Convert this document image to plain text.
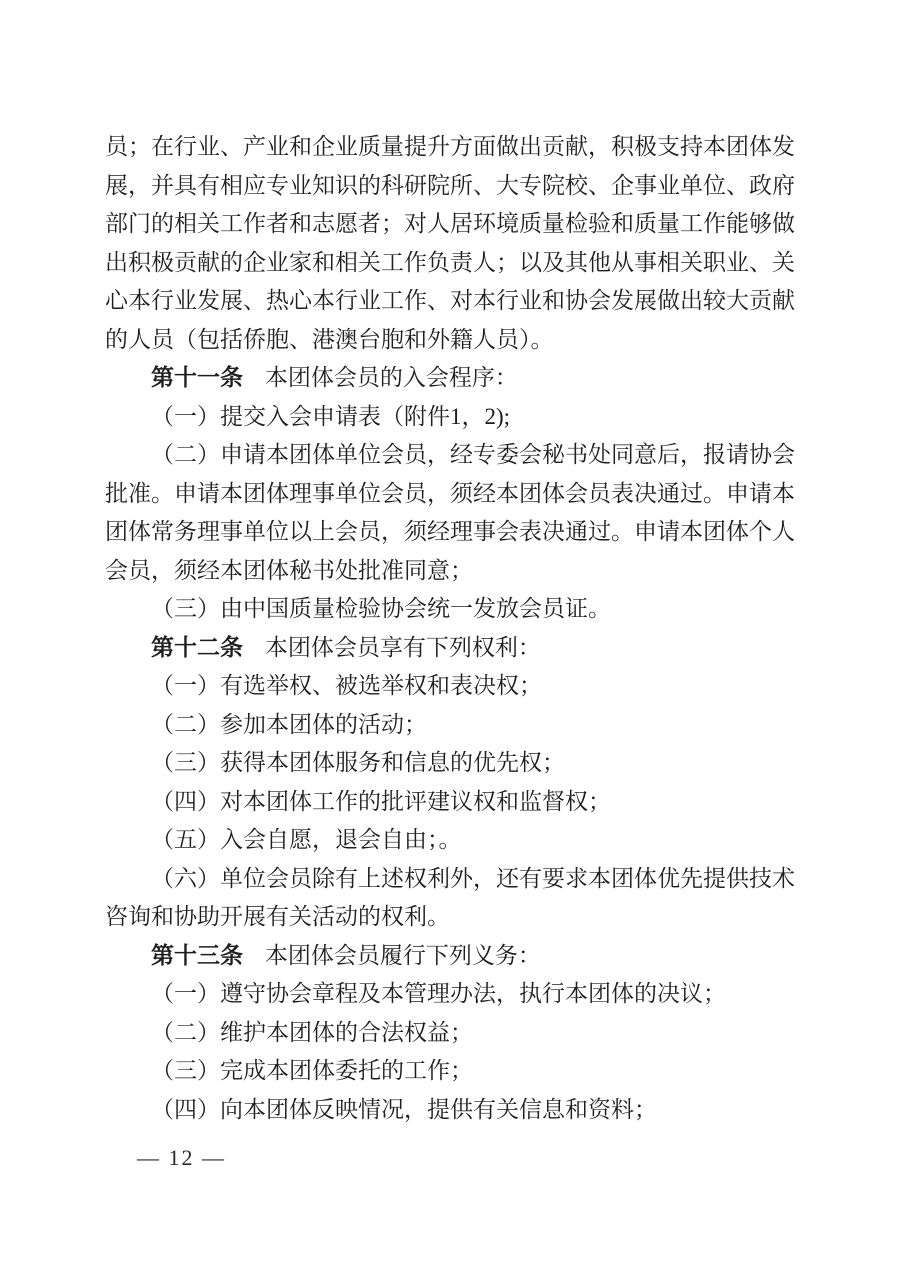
员；在行业、产业和企业质量提升方面做出贡献，积极支持本团体发展，并具有相应专业知识的科研院所、大专院校、企事业单位、政府部门的相关工作者和志愿者；对人居环境质量检验和质量工作能够做出积极贡献的企业家和相关工作负责人；以及其他从事相关职业、关心本行业发展、热心本行业工作、对本行业和协会发展做出较大贡献的人员（包括侨胞、港澳台胞和外籍人员）。

第十一条 本团体会员的入会程序：

（一）提交入会申请表（附件1，2);

（二）申请本团体单位会员，经专委会秘书处同意后，报请协会批准。申请本团体理事单位会员，须经本团体会员表决通过。申请本团体常务理事单位以上会员，须经理事会表决通过。申请本团体个人会员，须经本团体秘书处批准同意；

（三）由中国质量检验协会统一发放会员证。

第十二条 本团体会员享有下列权利：

（一）有选举权、被选举权和表决权；

（二）参加本团体的活动；

（三）获得本团体服务和信息的优先权；

（四）对本团体工作的批评建议权和监督权；

（五）入会自愿，退会自由；。

（六）单位会员除有上述权利外，还有要求本团体优先提供技术咨询和协助开展有关活动的权利。

第十三条 本团体会员履行下列义务：

（一）遵守协会章程及本管理办法，执行本团体的决议；

（二）维护本团体的合法权益；

（三）完成本团体委托的工作；

（四）向本团体反映情况，提供有关信息和资料；

— 12 —
